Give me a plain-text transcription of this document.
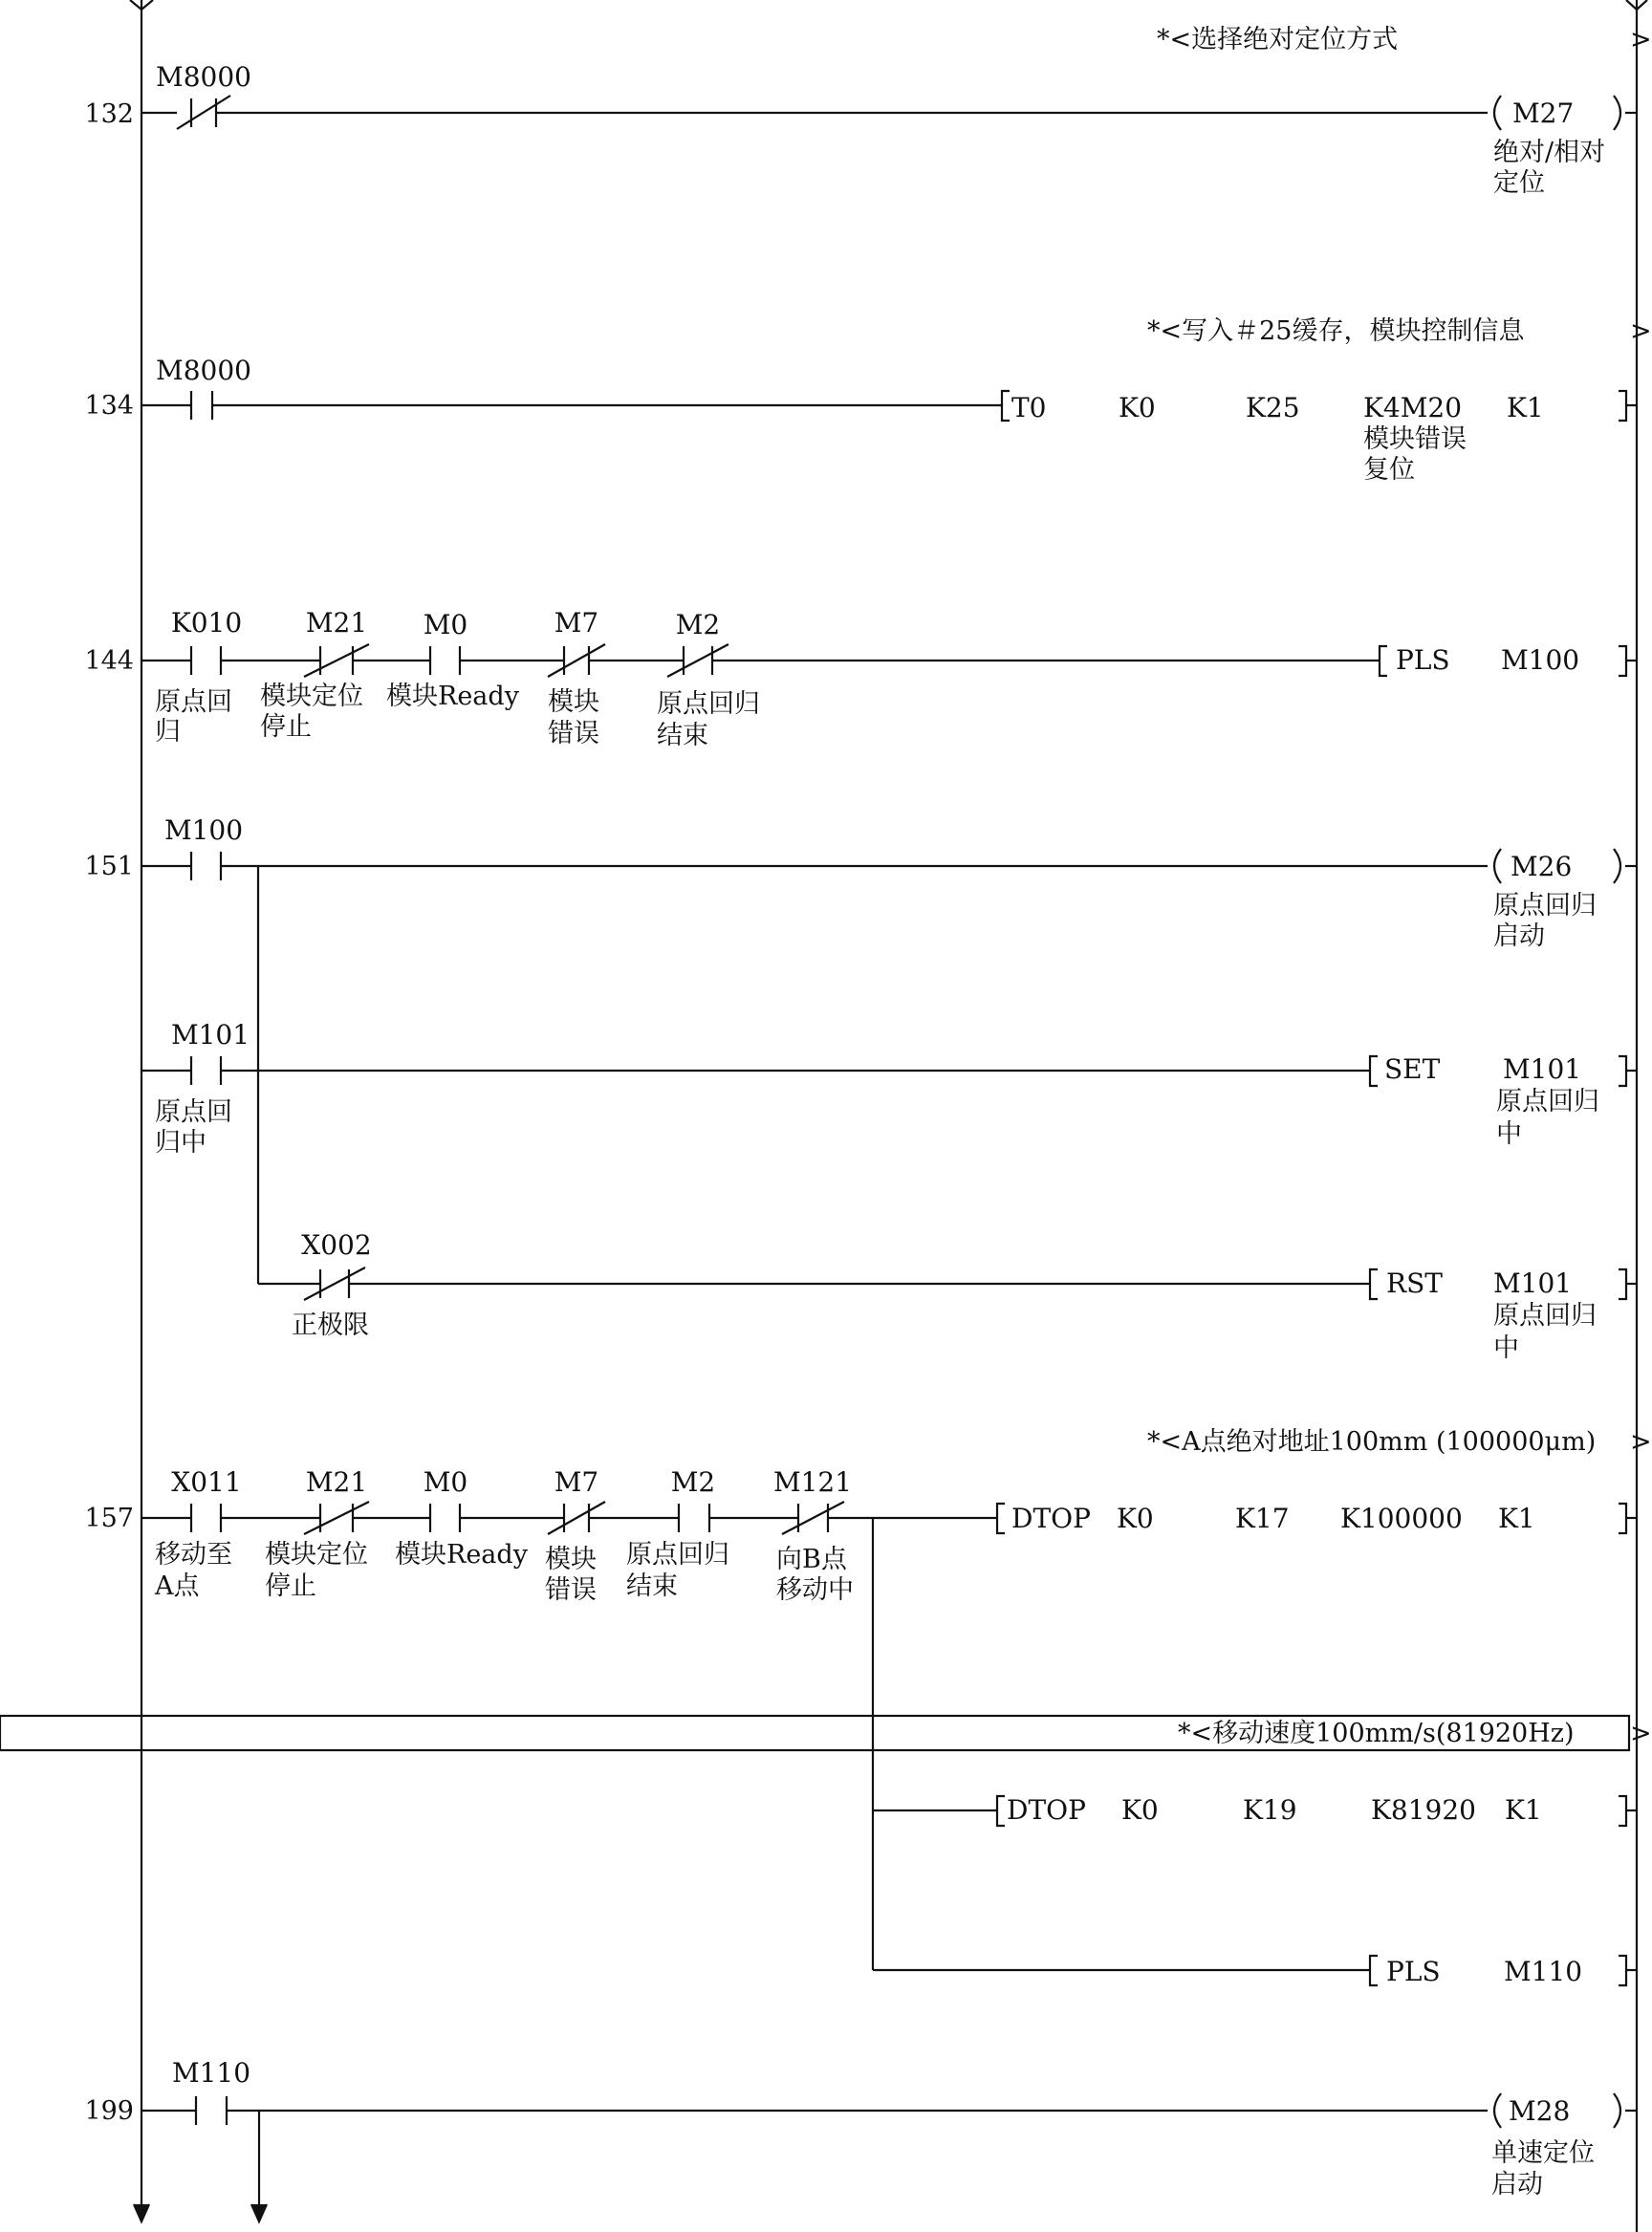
132
*<选择绝对定位方式	>
M8000
M27
绝对/相对
定位
134
*<写入＃25缓存，模块控制信息	>
M8000
T0	K0	K25 K4M20 K1
模块错误
复位
144
K010 M21 M0	M7	M2
原点回
归
模块定位
停止
模块Ready 模块
错误
原点回归
结束
PLS M100
151
M100
M101
原点回
归中
X002
正极限
M26
原点回归
启动
SET M101
原点回归
中
RST M101
原点回归
中
157
*<A点绝对地址100mm (100000μm) >
X011 M21 M0	M7	M2 M121
移动至
A点
模块定位
停止
模块Ready 模块
错误
原点回归
结束
向B点
移动中
DTOP K0	K17 K100000 K1
*<移动速度100mm/s(81920Hz) >
DTOP K0	K19	K81920 K1
PLS M110
199
M110
M28
单速定位
启动
